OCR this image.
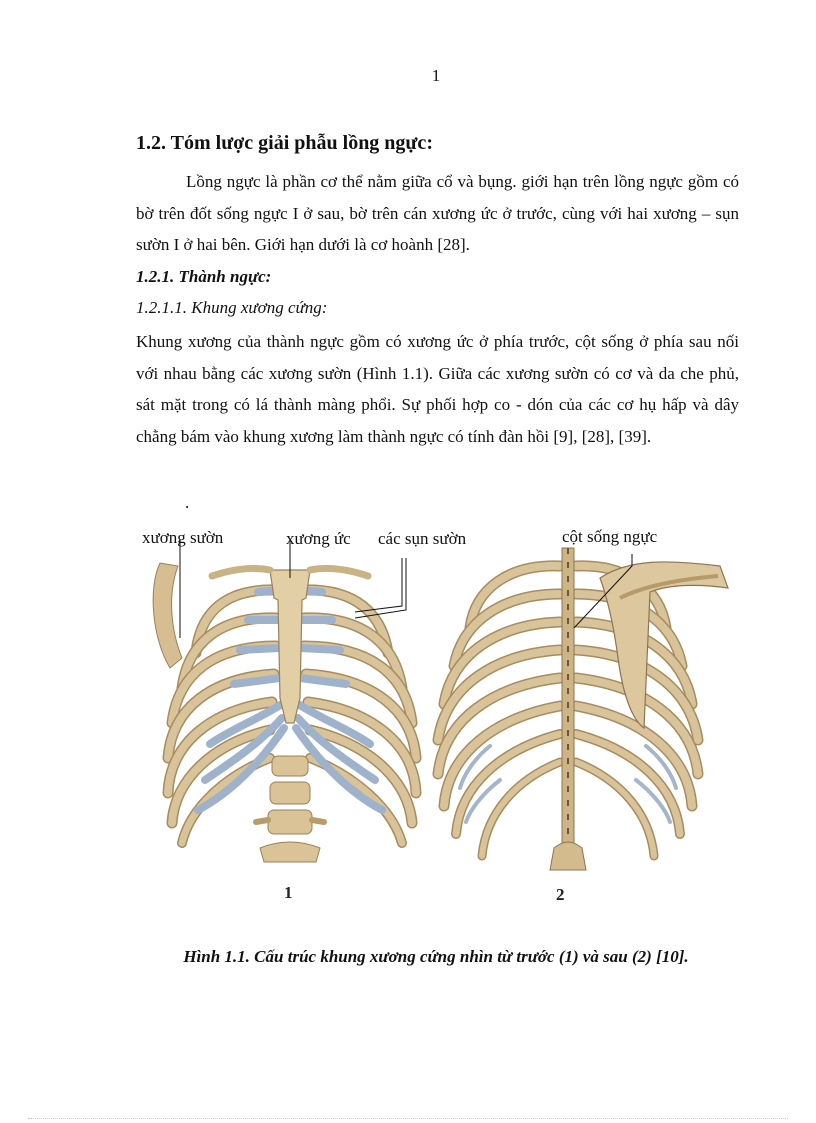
1
1.2. Tóm lược giải phẫu lồng ngực:
Lồng ngực là phần cơ thể nằm giữa cổ và bụng. giới hạn trên lồng ngực gồm có bờ trên đốt sống ngực I ở sau, bờ trên cán xương ức ở trước, cùng với hai xương – sụn sườn I ở hai bên. Giới hạn dưới là cơ hoành [28].
1.2.1. Thành ngực:
1.2.1.1. Khung xương cứng:
Khung xương của thành ngực gồm có xương ức ở phía trước, cột sống ở phía sau nối với nhau bằng các xương sườn (Hình 1.1). Giữa các xương sườn có cơ và da che phủ, sát mặt trong có lá thành màng phổi. Sự phối hợp co - dón của các cơ hụ hấp và dây chằng bám vào khung xương làm thành ngực có tính đàn hồi [9], [28], [39].
.
xương sườn	xương ức các sụn sườn	cột sống ngực
1	2
Hình 1.1. Cấu trúc khung xương cứng nhìn từ trước (1) và sau (2) [10].
